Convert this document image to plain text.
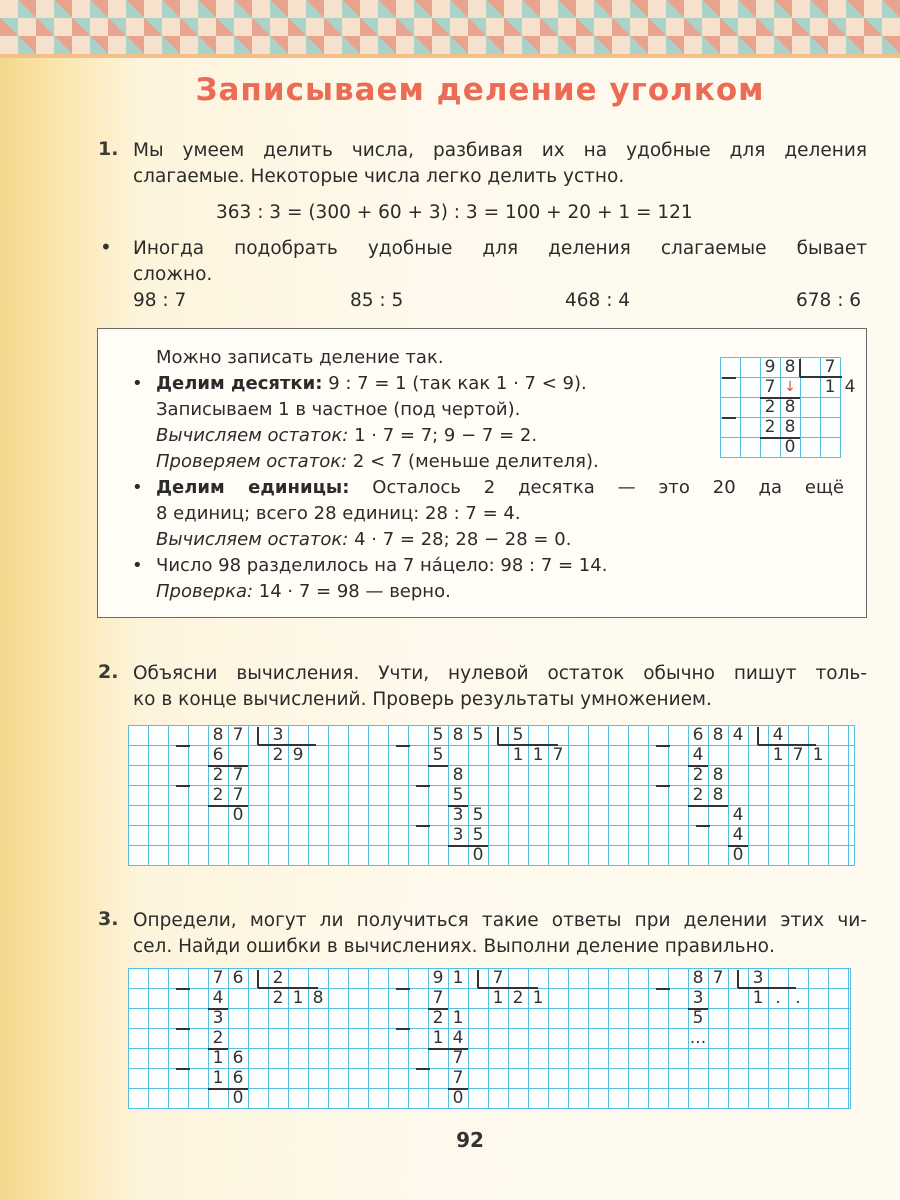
Записываем деление уголком
1. Мы умеем делить числа, разбивая их на удобные для деления
слагаемые. Некоторые числа легко делить устно.
363 : 3 = (300 + 60 + 3) : 3 = 100 + 20 + 1 = 121
• Иногда подобрать удобные для деления слагаемые бывает
сложно.
98 : 7	85 : 5	468 : 4	678 : 6
Можно записать деление так.
• Делим десятки: 9 : 7 = 1 (так как 1 · 7 < 9).
Записываем 1 в частное (под чертой).
Вычисляем остаток: 1 · 7 = 7; 9 − 7 = 2.
Проверяем остаток: 2 < 7 (меньше делителя).
• Делим единицы: Осталось 2 десятка — это 20 да ещё
8 единиц; всего 28 единиц: 28 : 7 = 4.
Вычисляем остаток: 4 · 7 = 28; 28 − 28 = 0.
• Число 98 разделилось на 7 на́цело: 98 : 7 = 14.
Проверка: 14 · 7 = 98 — верно.
9 8 7
7 ↓ 1 4
2 8
2 8
0
2. Объясни вычисления. Учти, нулевой остаток обычно пишут толь-
ко в конце вычислений. Проверь результаты умножением.
8 7 3
6	2 9
2 7
2 7
0
5 8 5 5
5	1 1 7
8
5
3 5
3 5
0
6 8 4 4
4	1 7 1
2 8
2 8
4
4
0
3. Определи, могут ли получиться такие ответы при делении этих чи-
сел. Найди ошибки в вычислениях. Выполни деление правильно.
7 6 2
4	2 1 8
3
2
1 6
1 6
0
9 1 7
7	1 2 1
2 1
1 4
7
7
0
8 7 3
3	1 . .
5
...
92
